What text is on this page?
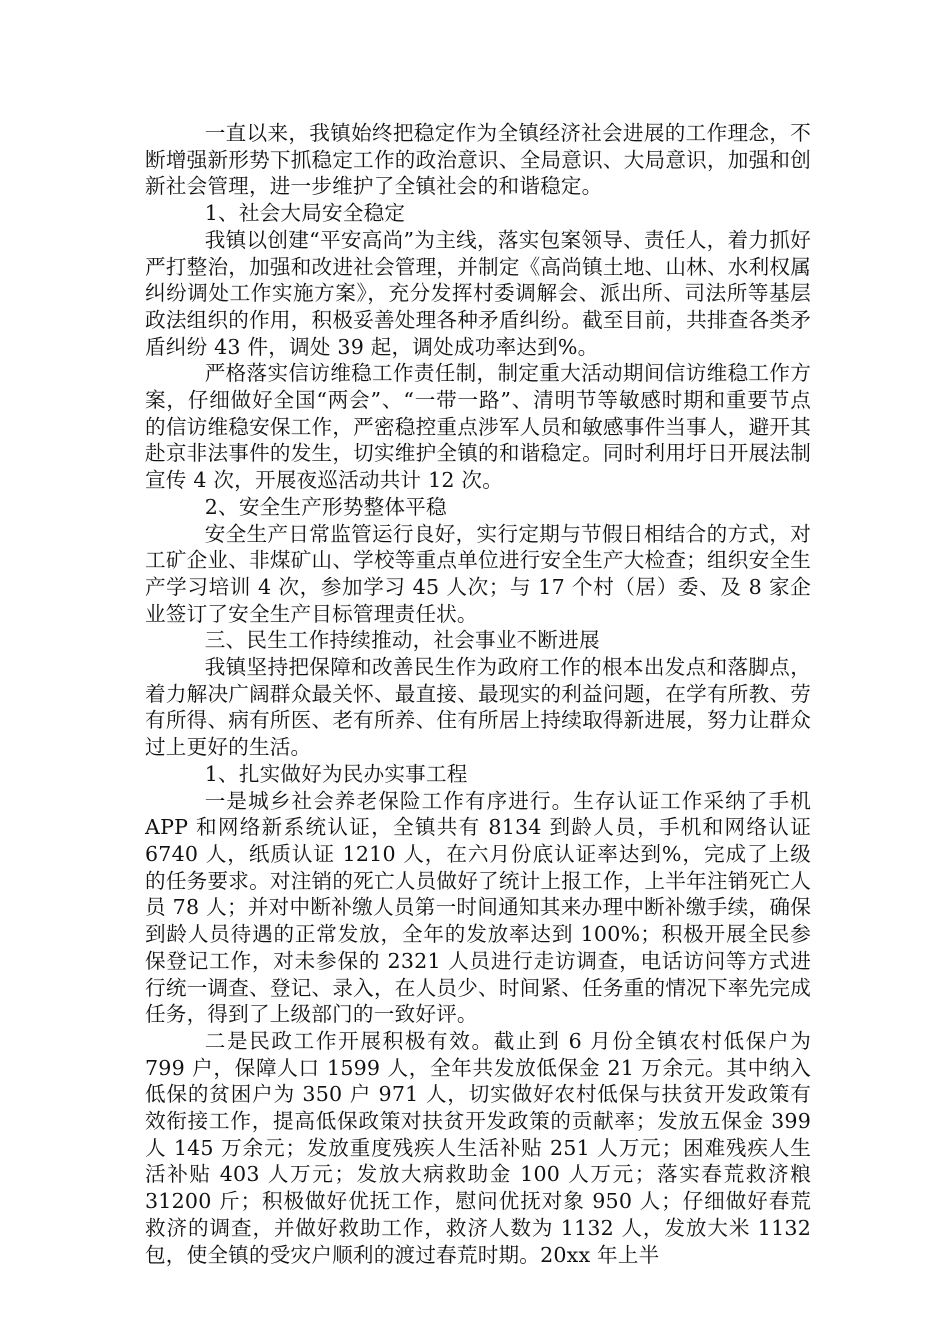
一直以来，我镇始终把稳定作为全镇经济社会进展的工作理念，不断增强新形势下抓稳定工作的政治意识、全局意识、大局意识，加强和创新社会管理，进一步维护了全镇社会的和谐稳定。

1、社会大局安全稳定

我镇以创建“平安高尚”为主线，落实包案领导、责任人，着力抓好严打整治，加强和改进社会管理，并制定《高尚镇土地、山林、水利权属纠纷调处工作实施方案》，充分发挥村委调解会、派出所、司法所等基层政法组织的作用，积极妥善处理各种矛盾纠纷。截至目前，共排查各类矛盾纠纷 43 件，调处 39 起，调处成功率达到%。

严格落实信访维稳工作责任制，制定重大活动期间信访维稳工作方案，仔细做好全国“两会”、“一带一路”、清明节等敏感时期和重要节点的信访维稳安保工作，严密稳控重点涉军人员和敏感事件当事人，避开其赴京非法事件的发生，切实维护全镇的和谐稳定。同时利用圩日开展法制宣传 4 次，开展夜巡活动共计 12 次。

2、安全生产形势整体平稳

安全生产日常监管运行良好，实行定期与节假日相结合的方式，对工矿企业、非煤矿山、学校等重点单位进行安全生产大检查；组织安全生产学习培训 4 次，参加学习 45 人次；与 17 个村（居）委、及 8 家企业签订了安全生产目标管理责任状。

三、民生工作持续推动，社会事业不断进展

我镇坚持把保障和改善民生作为政府工作的根本出发点和落脚点，着力解决广阔群众最关怀、最直接、最现实的利益问题，在学有所教、劳有所得、病有所医、老有所养、住有所居上持续取得新进展，努力让群众过上更好的生活。

1、扎实做好为民办实事工程

一是城乡社会养老保险工作有序进行。生存认证工作采纳了手机 APP 和网络新系统认证，全镇共有 8134 到龄人员，手机和网络认证 6740 人，纸质认证 1210 人，在六月份底认证率达到%，完成了上级的任务要求。对注销的死亡人员做好了统计上报工作，上半年注销死亡人员 78 人；并对中断补缴人员第一时间通知其来办理中断补缴手续，确保到龄人员待遇的正常发放，全年的发放率达到 100%；积极开展全民参保登记工作，对未参保的 2321 人员进行走访调查，电话访问等方式进行统一调查、登记、录入，在人员少、时间紧、任务重的情况下率先完成任务，得到了上级部门的一致好评。

二是民政工作开展积极有效。截止到 6 月份全镇农村低保户为 799 户，保障人口 1599 人，全年共发放低保金 21 万余元。其中纳入低保的贫困户为 350 户 971 人，切实做好农村低保与扶贫开发政策有效衔接工作，提高低保政策对扶贫开发政策的贡献率；发放五保金 399 人 145 万余元；发放重度残疾人生活补贴 251 人万元；困难残疾人生活补贴 403 人万元；发放大病救助金 100 人万元；落实春荒救济粮 31200 斤；积极做好优抚工作，慰问优抚对象 950 人；仔细做好春荒救济的调查，并做好救助工作，救济人数为 1132 人，发放大米 1132 包，使全镇的受灾户顺利的渡过春荒时期。20xx 年上半
